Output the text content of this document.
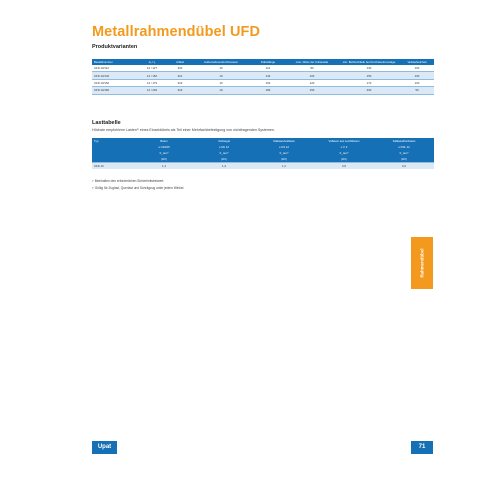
Metallrahmendübel UFD
Produktvarianten
Bestellnummer	d₀ / l₁	Artikel	Außenrahmendurchmesser	Dübellänge	max. Dicke der Anbauteile	min. Bohrlochtiefe bei Durchsteckmontage	Verkaufseinheit
UFD 10/112	14 / 127	320	10	112	80	130	100
UFD 10/132	14 / 152	321	10	132	100	150	100
UFD 10/152	14 / 179	322	10	152	120	170	100
UFD 10/182	14 / 202	323	10	182	150	200	50
Lasttabelle
Höchste empfohlene Lasten¹⁾ eines Einzeldübels als Teil einer Mehrfachbefestigung von nichttragenden Systemen.
Typ	Beton	Vollziegel	Kalksandvollstein	Vollstein aus Leichtbeton	Kalksandlochstein
	≥ C20/25	≥ Mz 12	≥ KS 12	≥ V 2	≥ KSL 12
	F_rec²⁾	F_rec²⁾	F_rec²⁾	F_rec²⁾	F_rec²⁾
	[kN]	[kN]	[kN]	[kN]	[kN]
UFD 10	1,4	1,3	1,2	0,5	0,6
¹⁾ Beinhalten den erforderlichen Sicherheitsbeiwert.
²⁾ Gültig für Zuglast, Querlast und Schrägzug unter jedem Winkel.
Rahmendübel
Upat	71
